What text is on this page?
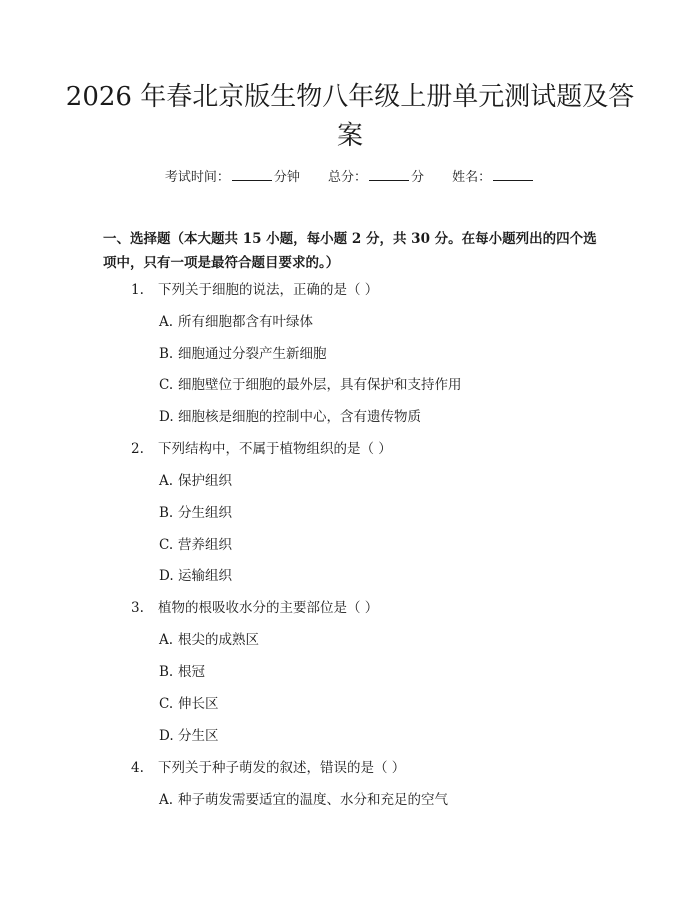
2026 年春北京版生物八年级上册单元测试题及答案
考试时间：	分钟 总分：	分 姓名：

一、选择题（本大题共 15 小题，每小题 2 分，共 30 分。在每小题列出的四个选项中，只有一项是最符合题目要求的。）

1. 下列关于细胞的说法，正确的是（ ）
A. 所有细胞都含有叶绿体
B. 细胞通过分裂产生新细胞
C. 细胞壁位于细胞的最外层，具有保护和支持作用
D. 细胞核是细胞的控制中心，含有遗传物质
2. 下列结构中，不属于植物组织的是（ ）
A. 保护组织
B. 分生组织
C. 营养组织
D. 运输组织
3. 植物的根吸收水分的主要部位是（ ）
A. 根尖的成熟区
B. 根冠
C. 伸长区
D. 分生区
4. 下列关于种子萌发的叙述，错误的是（ ）
A. 种子萌发需要适宜的温度、水分和充足的空气
